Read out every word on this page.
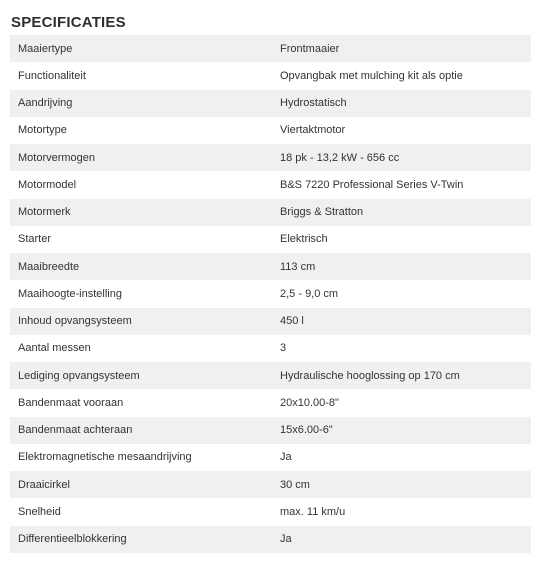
SPECIFICATIES
Maaiertype	Frontmaaier
Functionaliteit	Opvangbak met mulching kit als optie
Aandrijving	Hydrostatisch
Motortype	Viertaktmotor
Motorvermogen	18 pk - 13,2 kW - 656 cc
Motormodel	B&S 7220 Professional Series V-Twin
Motormerk	Briggs & Stratton
Starter	Elektrisch
Maaibreedte	113 cm
Maaihoogte-instelling	2,5 - 9,0 cm
Inhoud opvangsysteem	450 l
Aantal messen	3
Lediging opvangsysteem	Hydraulische hooglossing op 170 cm
Bandenmaat vooraan	20x10.00-8"
Bandenmaat achteraan	15x6.00-6"
Elektromagnetische mesaandrijving	Ja
Draaicirkel	30 cm
Snelheid	max. 11 km/u
Differentieelblokkering	Ja
